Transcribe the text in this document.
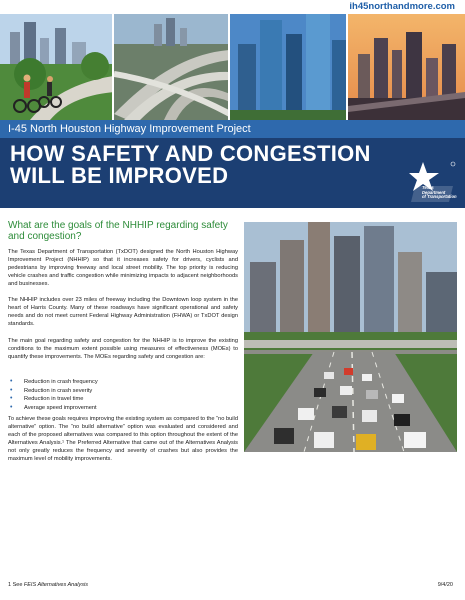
ih45northandmore.com
I-45 North Houston Highway Improvement Project
HOW SAFETY AND CONGESTION WILL BE IMPROVED	Texas
Department
of Transportation
What are the goals of the NHHIP regarding safety and congestion?

The Texas Department of Transportation (TxDOT) designed the North Houston Highway Improvement Project (NHHIP) so that it increases safety for drivers, cyclists and pedestrians by improving freeway and local street mobility. The top priority is reducing vehicle crashes and traffic congestion while minimizing impacts to adjacent neighborhoods and businesses.

The NHHIP includes over 23 miles of freeway including the Downtown loop system in the heart of Harris County. Many of these roadways have significant operational and safety needs and do not meet current Federal Highway Administration (FHWA) or TxDOT design standards.

The main goal regarding safety and congestion for the NHHIP is to improve the existing conditions to the maximum extent possible using measures of effectiveness (MOEs) to quantify these improvements. The MOEs regarding safety and congestion are:

•	Reduction in crash frequency
•	Reduction in crash severity
•	Reduction in travel time
•	Average speed improvement

To achieve these goals requires improving the existing system as compared to the “no build alternative” option. The “no build alternative” option was evaluated and considered and each of the proposed alternatives was compared to this option throughout the extent of the Alternatives Analysis.¹ The Preferred Alternative that came out of the Alternatives Analysis not only greatly reduces the frequency and severity of crashes but also provides the maximum level of mobility improvements.

1 See FEIS Alternatives Analysis	9/4/20
